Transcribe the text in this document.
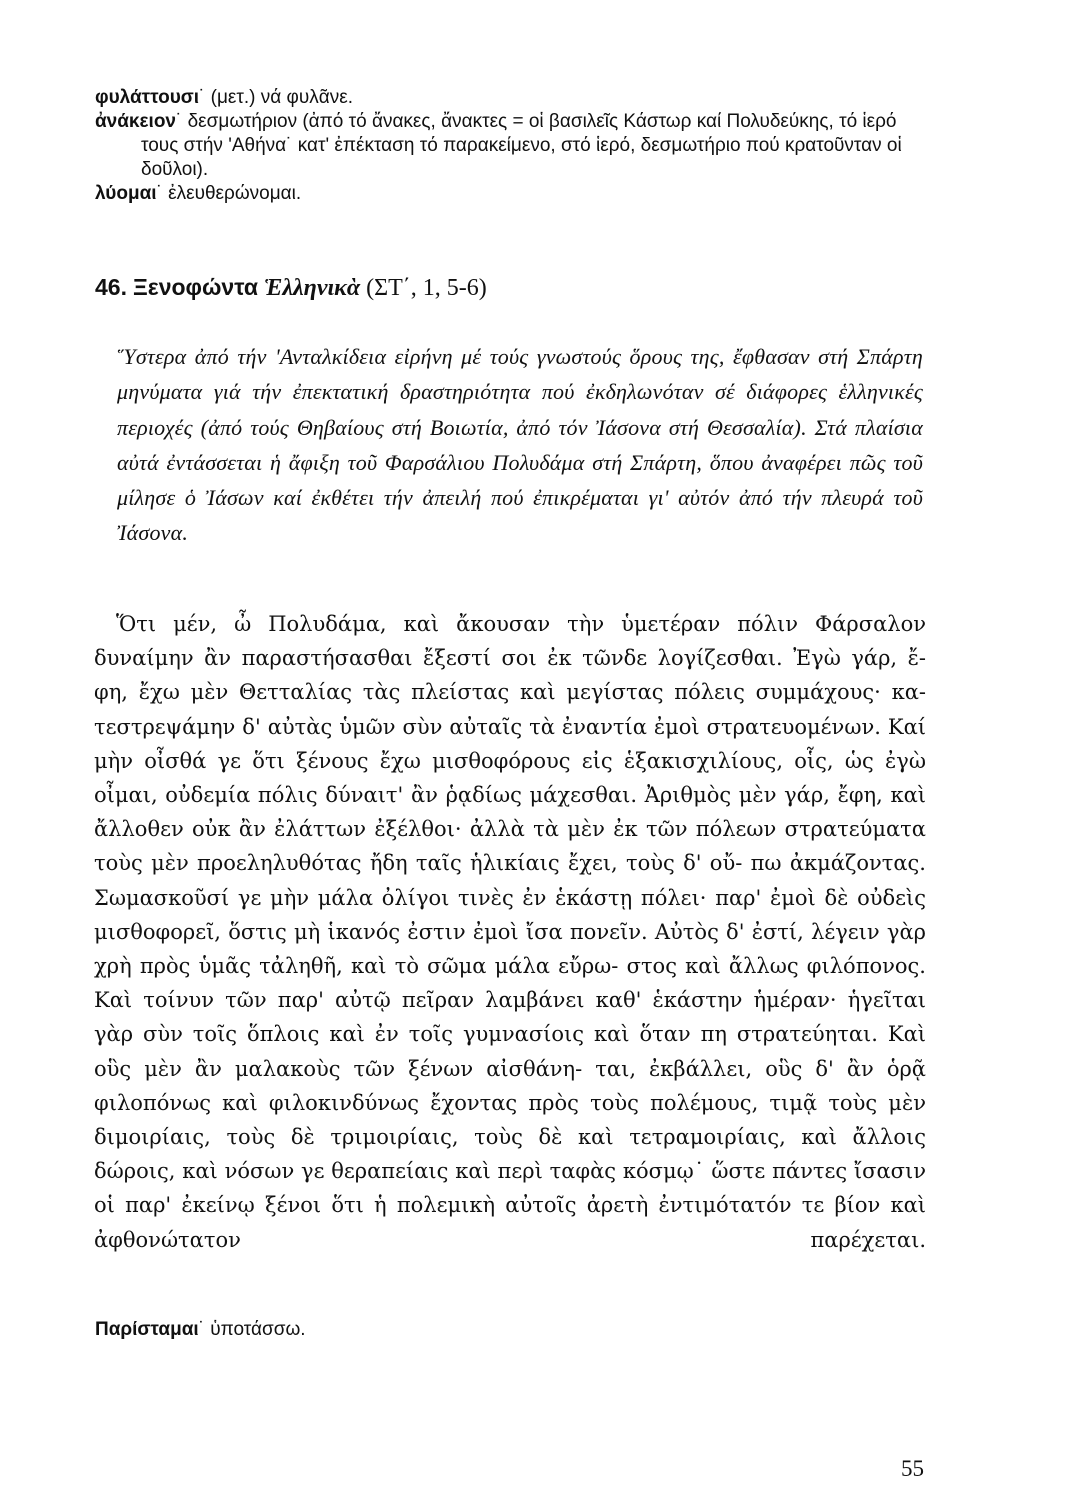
φυλάττουσι˙ (μετ.) νά φυλᾶνε.

ἀνάκειον˙ δεσμωτήριον (ἀπό τό ἄνακες, ἄνακτες = οἱ βασιλεῖς Κάστωρ καί Πολυδεύκης, τό ἱερό τους στήν 'Αθήνα˙ κατ' ἐπέκταση τό παρακείμενο, στό ἱερό, δεσμωτήριο πού κρατοῦνταν οἱ δοῦλοι).

λύομαι˙ ἐλευθερώνομαι.

46. Ξενοφώντα Ἑλληνικὰ (ΣΤ΄, 1, 5-6)
Ὕστερα ἀπό τήν 'Ανταλκίδεια εἰρήνη μέ τούς γνωστούς ὅρους της, ἔφθασαν στή Σπάρτη μηνύματα γιά τήν ἐπεκτατική δραστηριότητα πού ἐκδηλωνόταν σέ διάφορες ἑλληνικές περιοχές (ἀπό τούς Θηβαίους στή Βοιωτία, ἀπό τόν Ἰάσονα στή Θεσσαλία). Στά πλαίσια αὐτά ἐντάσσεται ἡ ἄφιξη τοῦ Φαρσάλιου Πολυδάμα στή Σπάρτη, ὅπου ἀναφέρει πῶς τοῦ μίλησε ὁ Ἰάσων καί ἐκθέτει τήν ἀπειλή πού ἐπικρέμαται γι' αὐτόν ἀπό τήν πλευρά τοῦ Ἰάσονα.
Ὅτι μέν, ὦ Πολυδάμα, καὶ ἄκουσαν τὴν ὑμετέραν πόλιν Φάρσαλον δυναίμην ἂν παραστήσασθαι ἔξεστί σοι ἐκ τῶνδε λογίζεσθαι. Ἐγὼ γάρ, ἔ- φη, ἔχω μὲν Θετταλίας τὰς πλείστας καὶ μεγίστας πόλεις συμμάχους· κα- τεστρεψάμην δ' αὐτὰς ὑμῶν σὺν αὐταῖς τὰ ἐναντία ἐμοὶ στρατευομένων. Καί μὴν οἶσθά γε ὅτι ξένους ἔχω μισθοφόρους εἰς ἑξακισχιλίους, οἷς, ὡς ἐγὼ οἶμαι, οὐδεμία πόλις δύναιτ' ἂν ῥᾳδίως μάχεσθαι. Ἀριθμὸς μὲν γάρ, ἔφη, καὶ ἄλλοθεν οὐκ ἂν ἐλάττων ἐξέλθοι· ἀλλὰ τὰ μὲν ἐκ τῶν πόλεων στρατεύματα τοὺς μὲν προεληλυθότας ἤδη ταῖς ἡλικίαις ἔχει, τοὺς δ' οὔ- πω ἀκμάζοντας. Σωμασκοῦσί γε μὴν μάλα ὀλίγοι τινὲς ἐν ἑκάστῃ πόλει· παρ' ἐμοὶ δὲ οὐδεὶς μισθοφορεῖ, ὅστις μὴ ἱκανός ἐστιν ἐμοὶ ἴσα πονεῖν. Αὐτὸς δ' ἐστί, λέγειν γὰρ χρὴ πρὸς ὑμᾶς τἀληθῆ, καὶ τὸ σῶμα μάλα εὔρω- στος καὶ ἄλλως φιλόπονος. Καὶ τοίνυν τῶν παρ' αὐτῷ πεῖραν λαμβάνει καθ' ἑκάστην ἡμέραν· ἡγεῖται γὰρ σὺν τοῖς ὅπλοις καὶ ἐν τοῖς γυμνασίοις καὶ ὅταν πη στρατεύηται. Καὶ οὓς μὲν ἂν μαλακοὺς τῶν ξένων αἰσθάνη- ται, ἐκβάλλει, οὓς δ' ἂν ὁρᾷ φιλοπόνως καὶ φιλοκινδύνως ἔχοντας πρὸς τοὺς πολέμους, τιμᾷ τοὺς μὲν διμοιρίαις, τοὺς δὲ τριμοιρίαις, τοὺς δὲ καὶ τετραμοιρίαις, καὶ ἄλλοις δώροις, καὶ νόσων γε θεραπείαις καὶ περὶ ταφὰς κόσμῳ˙ ὥστε πάντες ἴσασιν οἱ παρ' ἐκείνῳ ξένοι ὅτι ἡ πολεμικὴ αὐτοῖς ἀρετὴ ἐντιμότατόν τε βίον καὶ ἀφθονώτατον παρέχεται.
Παρίσταμαι˙ ὑποτάσσω.
55
